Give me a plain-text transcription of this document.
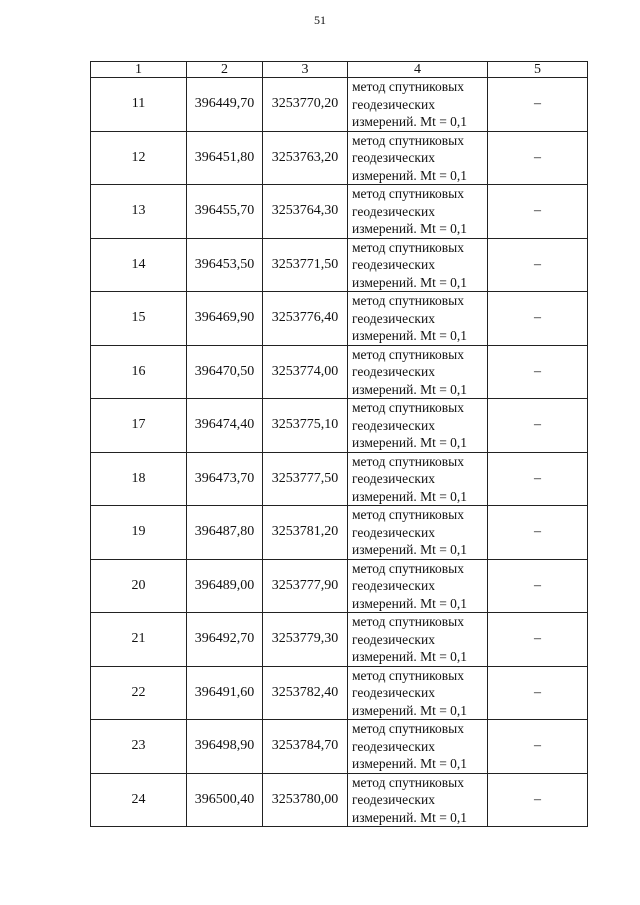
51
1	2	3	4	5
11	396449,70	3253770,20	метод спутниковых
геодезических
измерений. Mt = 0,1	–
12	396451,80	3253763,20	метод спутниковых
геодезических
измерений. Mt = 0,1	–
13	396455,70	3253764,30	метод спутниковых
геодезических
измерений. Mt = 0,1	–
14	396453,50	3253771,50	метод спутниковых
геодезических
измерений. Mt = 0,1	–
15	396469,90	3253776,40	метод спутниковых
геодезических
измерений. Mt = 0,1	–
16	396470,50	3253774,00	метод спутниковых
геодезических
измерений. Mt = 0,1	–
17	396474,40	3253775,10	метод спутниковых
геодезических
измерений. Mt = 0,1	–
18	396473,70	3253777,50	метод спутниковых
геодезических
измерений. Mt = 0,1	–
19	396487,80	3253781,20	метод спутниковых
геодезических
измерений. Mt = 0,1	–
20	396489,00	3253777,90	метод спутниковых
геодезических
измерений. Mt = 0,1	–
21	396492,70	3253779,30	метод спутниковых
геодезических
измерений. Mt = 0,1	–
22	396491,60	3253782,40	метод спутниковых
геодезических
измерений. Mt = 0,1	–
23	396498,90	3253784,70	метод спутниковых
геодезических
измерений. Mt = 0,1	–
24	396500,40	3253780,00	метод спутниковых
геодезических
измерений. Mt = 0,1	–
